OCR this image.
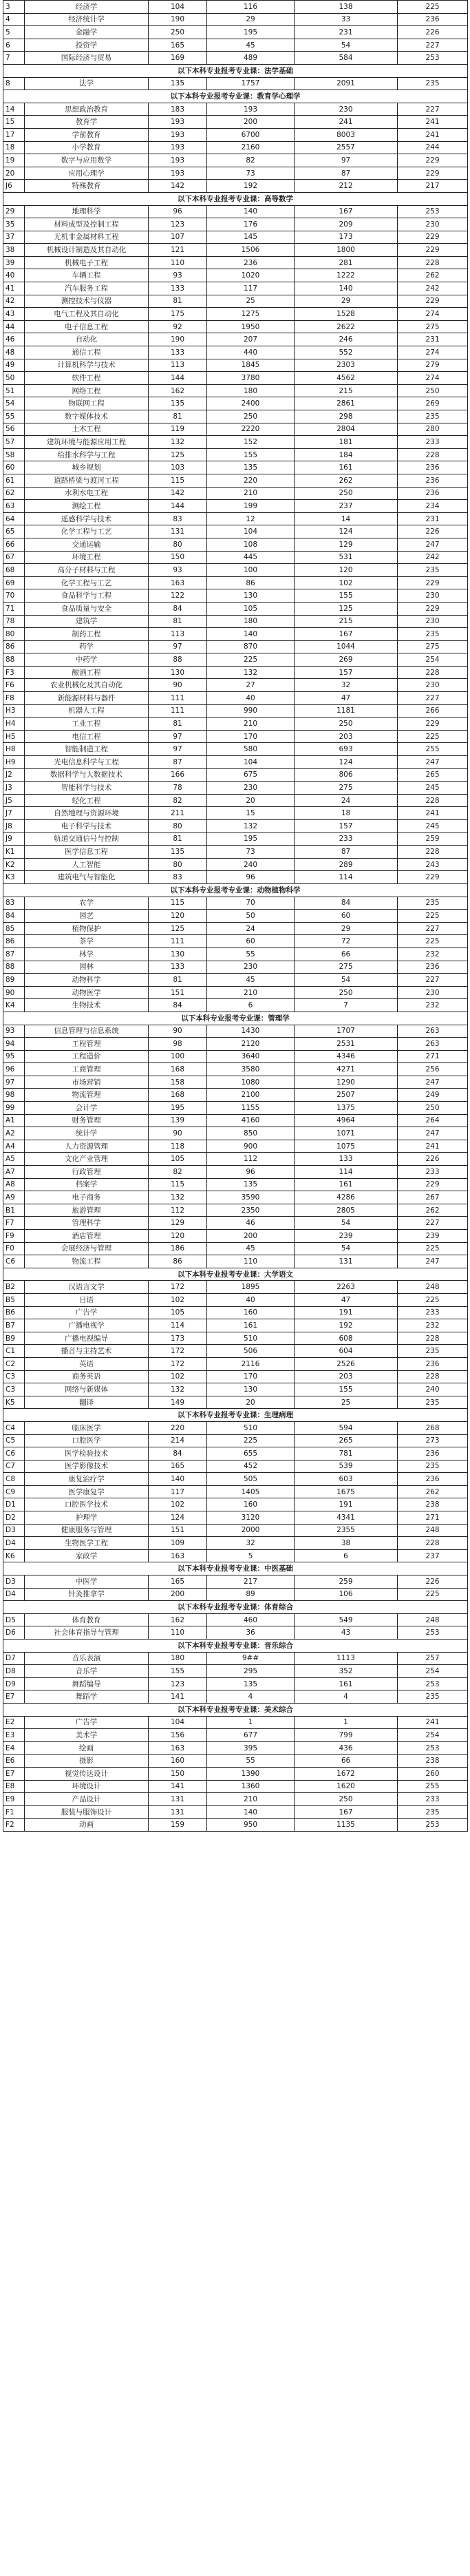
3	经济学	104	116	138	225
4	经济统计学	190	29	33	236
5	金融学	250	195	231	226
6	投资学	165	45	54	227
7	国际经济与贸易	169	489	584	253
以下本科专业报考专业课：法学基础					
8	法学	135	1757	2091	235
以下本科专业报考专业课：教育学心理学					
14	思想政治教育	183	193	230	227
15	教育学	193	200	241	241
17	学前教育	193	6700	8003	241
18	小学教育	193	2160	2557	244
19	数字与应用数学	193	82	97	229
20	应用心理学	193	73	87	229
J6	特殊教育	142	192	212	217
以下本科专业报考专业课：高等数学					
29	地理科学	96	140	167	253
35	材料成型及控制工程	123	176	209	230
37	无机非金属材料工程	107	145	173	229
38	机械设计制造及其自动化	121	1506	1800	229
39	机械电子工程	110	236	281	228
40	车辆工程	93	1020	1222	262
41	汽车服务工程	133	117	140	242
42	测控技术与仪器	81	25	29	229
43	电气工程及其自动化	175	1275	1528	274
44	电子信息工程	92	1950	2622	275
46	自动化	190	207	246	231
48	通信工程	133	440	552	274
49	计算机科学与技术	113	1845	2303	279
50	软件工程	144	3780	4562	274
51	网络工程	162	180	215	250
54	物联网工程	135	2400	2861	269
55	数字媒体技术	81	250	298	235
56	土木工程	119	2220	2804	280
57	建筑环境与能源应用工程	132	152	181	233
58	给排水科学与工程	125	155	184	228
60	城乡规划	103	135	161	236
61	道路桥梁与渡河工程	115	220	262	236
62	水利水电工程	142	210	250	236
63	测绘工程	144	199	237	234
64	遥感科学与技术	83	12	14	231
65	化学工程与工艺	131	104	124	226
66	交通运输	80	108	129	247
67	环境工程	150	445	531	242
68	高分子材料与工程	93	100	120	235
69	化学工程与工艺	163	86	102	229
70	食品科学与工程	122	130	155	230
71	食品质量与安全	84	105	125	229
78	建筑学	81	180	215	230
80	制药工程	113	140	167	235
86	药学	97	870	1044	275
88	中药学	88	225	269	254
F3	酿酒工程	130	132	157	228
F6	农业机械化及其自动化	90	27	32	230
F8	新能源材料与器件	111	40	47	227
H3	机器人工程	111	990	1181	266
H4	工业工程	81	210	250	229
H5	电信工程	97	170	203	225
H8	智能制造工程	97	580	693	255
H9	光电信息科学与工程	87	104	124	247
J2	数据科学与大数据技术	166	675	806	265
J3	智能科学与技术	78	230	275	245
J5	轻化工程	82	20	24	228
J7	自然地理与资源环境	211	15	18	241
J8	电子科学与技术	80	132	157	245
J9	轨道交通信号与控制	81	195	233	259
K1	医学信息工程	135	73	87	228
K2	人工智能	80	240	289	243
K3	建筑电气与智能化	83	96	114	229
以下本科专业报考专业课：动物植物科学					
83	农学	115	70	84	235
84	园艺	120	50	60	225
85	植物保护	125	24	29	227
86	茶学	111	60	72	225
87	林学	130	55	66	232
88	园林	133	230	275	236
89	动物科学	81	45	54	227
90	动物医学	151	210	250	230
K4	生物技术	84	6	7	232
以下本科专业报考专业课：管理学					
93	信息管理与信息系统	90	1430	1707	263
94	工程管理	98	2120	2531	263
95	工程造价	100	3640	4346	271
96	工商管理	168	3580	4271	256
97	市场营销	158	1080	1290	247
98	物流管理	168	2100	2507	249
99	会计学	195	1155	1375	250
A1	财务管理	139	4160	4964	264
A2	统计学	90	850	1071	247
A4	人力资源管理	118	900	1075	241
A5	文化产业管理	105	112	133	226
A7	行政管理	82	96	114	233
A8	档案学	115	135	161	229
A9	电子商务	132	3590	4286	267
B1	旅游管理	112	2350	2805	262
F7	管理科学	129	46	54	227
F9	酒店管理	120	200	239	239
F0	会展经济与管理	186	45	54	225
C6	物流工程	86	110	131	247
以下本科专业报考专业课：大学语文					
B2	汉语言文学	172	1895	2263	248
B5	日语	102	40	47	225
B6	广告学	105	160	191	233
B7	广播电视学	114	161	192	232
B9	广播电视编导	173	510	608	228
C1	播音与主持艺术	172	506	604	235
C2	英语	172	2116	2526	236
C3	商务英语	102	170	203	228
C3	网络与新媒体	132	130	155	240
K5	翻译	149	20	25	235
以下本科专业报考专业课：生理病理					
C4	临床医学	220	510	594	268
C5	口腔医学	214	225	265	273
C6	医学检验技术	84	655	781	236
C7	医学影像技术	165	452	539	235
C8	康复治疗学	140	505	603	236
C9	医学康复学	117	1405	1675	262
D1	口腔医学技术	102	160	191	238
D2	护理学	124	3120	4341	271
D3	健康服务与管理	151	2000	2355	248
D4	生物医学工程	109	32	38	228
K6	家政学	163	5	6	237
以下本科专业报考专业课：中医基础					
D3	中医学	165	217	259	226
D4	针灸推拿学	200	89	106	225
以下本科专业报考专业课：体育综合					
D5	体育教育	162	460	549	248
D6	社会体育指导与管理	110	36	43	253
以下本科专业报考专业课：音乐综合					
D7	音乐表演	180	9##	1113	257
D8	音乐学	155	295	352	254
D9	舞蹈编导	123	135	161	253
E7	舞蹈学	141	4	4	235
以下本科专业报考专业课：美术综合					
E2	广告学	104	1	1	241
E3	美术学	156	677	799	254
E4	绘画	163	395	436	253
E6	摄影	160	55	66	238
E7	视觉传达设计	150	1390	1672	260
E8	环境设计	141	1360	1620	255
E9	产品设计	131	210	250	233
F1	服装与服饰设计	131	140	167	235
F2	动画	159	950	1135	253
